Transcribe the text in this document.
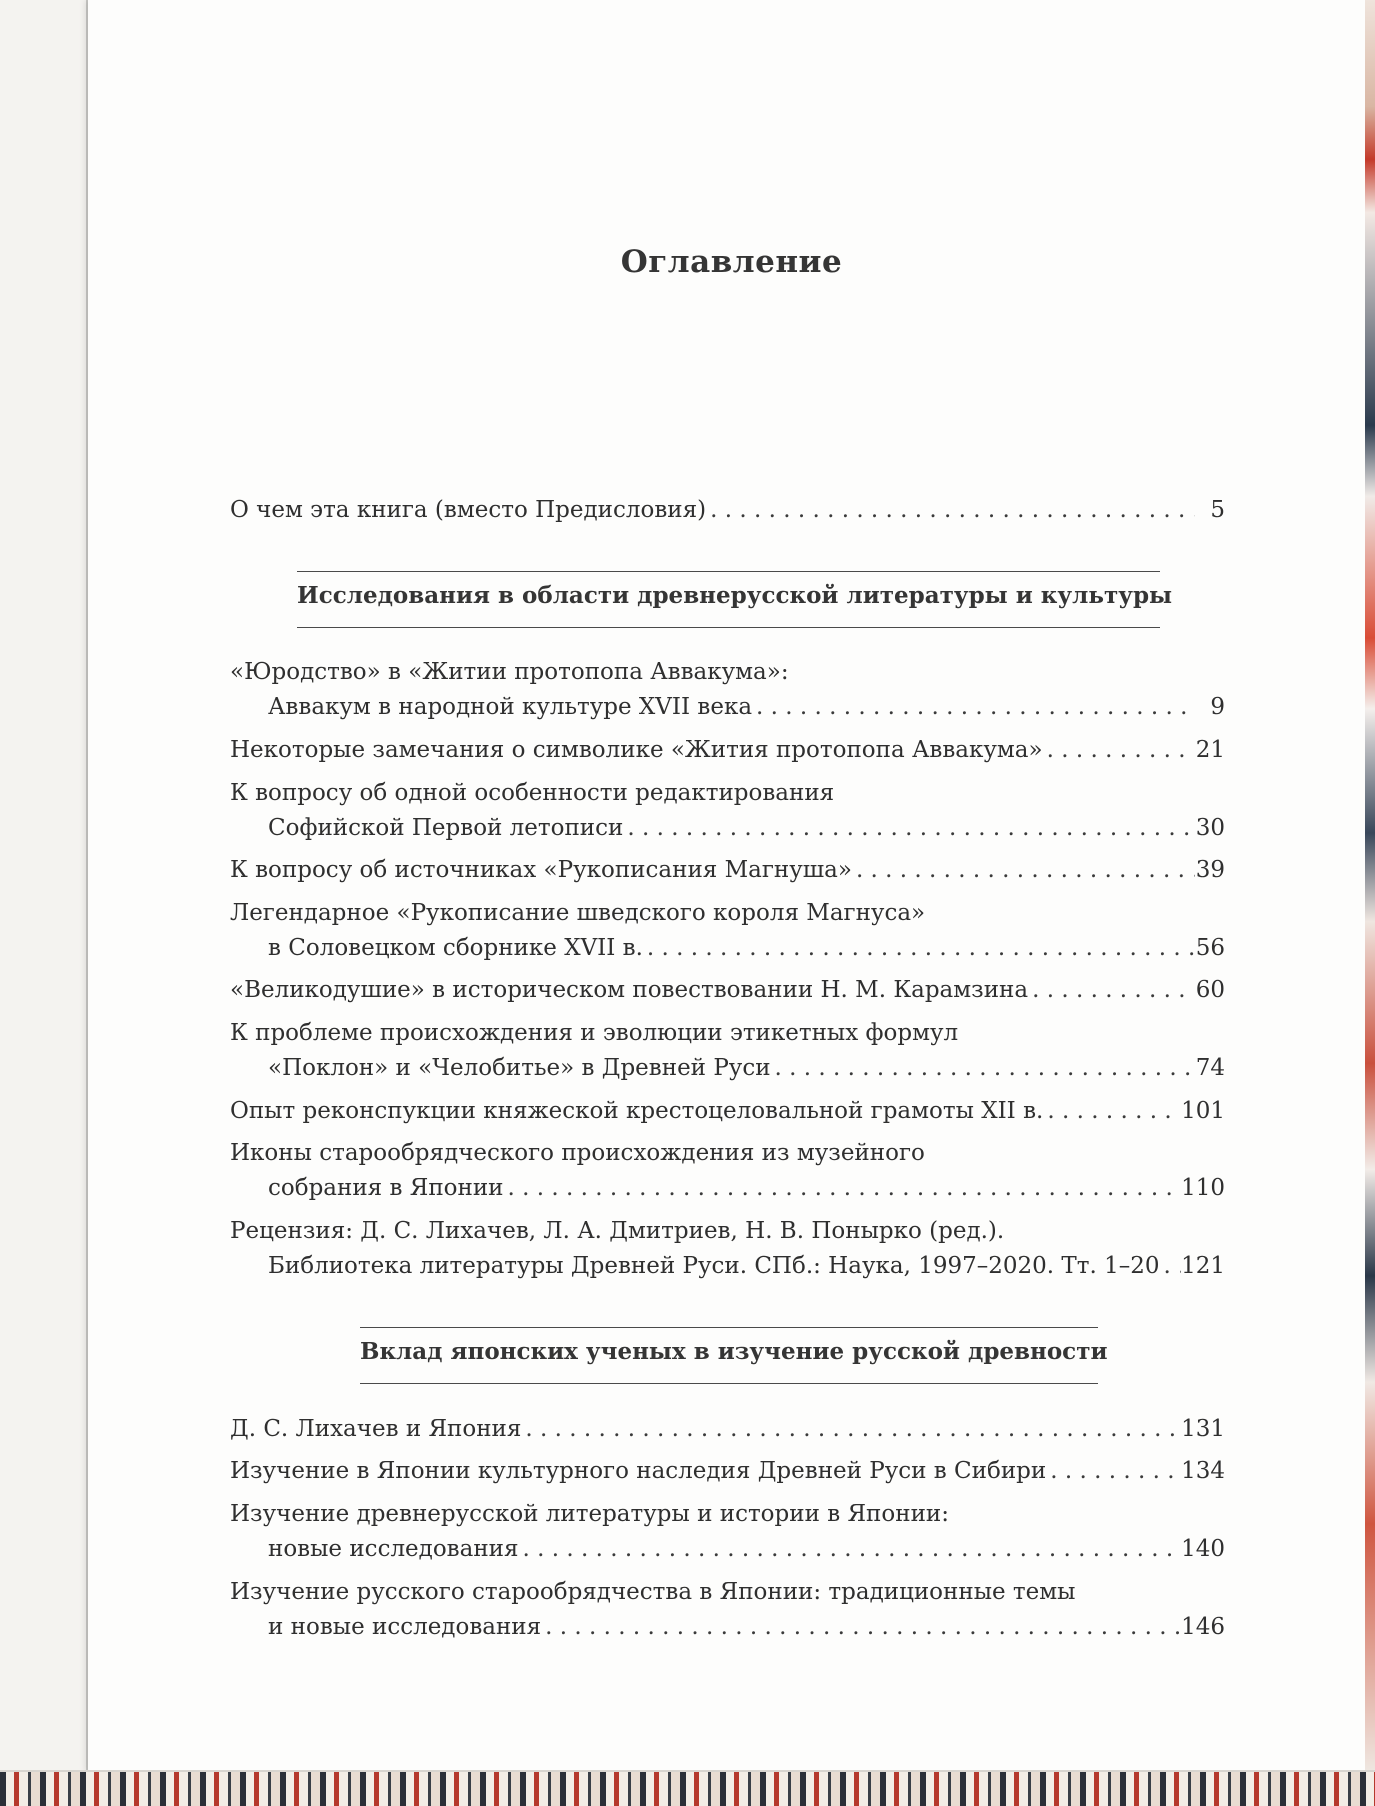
Оглавление
О чем эта книга (вместо Предисловия) . . .	5
Исследования в области древнерусской литературы и культуры
«Юродство» в «Житии протопопа Аввакума»:
Аввакум в народной культуре XVII века . . .	9
Некоторые замечания о символике «Жития протопопа Аввакума» . . .	21
К вопросу об одной особенности редактирования
Софийской Первой летописи . . .	30
К вопросу об источниках «Рукописания Магнуша» . . .	39
Легендарное «Рукописание шведского короля Магнуса»
в Соловецком сборнике XVII в. . . .	56
«Великодушие» в историческом повествовании Н. М. Карамзина . . .	60
К проблеме происхождения и эволюции этикетных формул
«Поклон» и «Челобитье» в Древней Руси . . .	74
Опыт реконспукции княжеской крестоцеловальной грамоты XII в. . . .	101
Иконы старообрядческого происхождения из музейного
собрания в Японии . . .	110
Рецензия: Д. С. Лихачев, Л. А. Дмитриев, Н. В. Понырко (ред.).
Библиотека литературы Древней Руси. СПб.: Наука, 1997–2020. Тт. 1–20 . . . 121
Вклад японских ученых в изучение русской древности
Д. С. Лихачев и Япония . . .	131
Изучение в Японии культурного наследия Древней Руси в Сибири . . .	134
Изучение древнерусской литературы и истории в Японии:
новые исследования . . .	140
Изучение русского старообрядчества в Японии: традиционные темы
и новые исследования . . .	146
